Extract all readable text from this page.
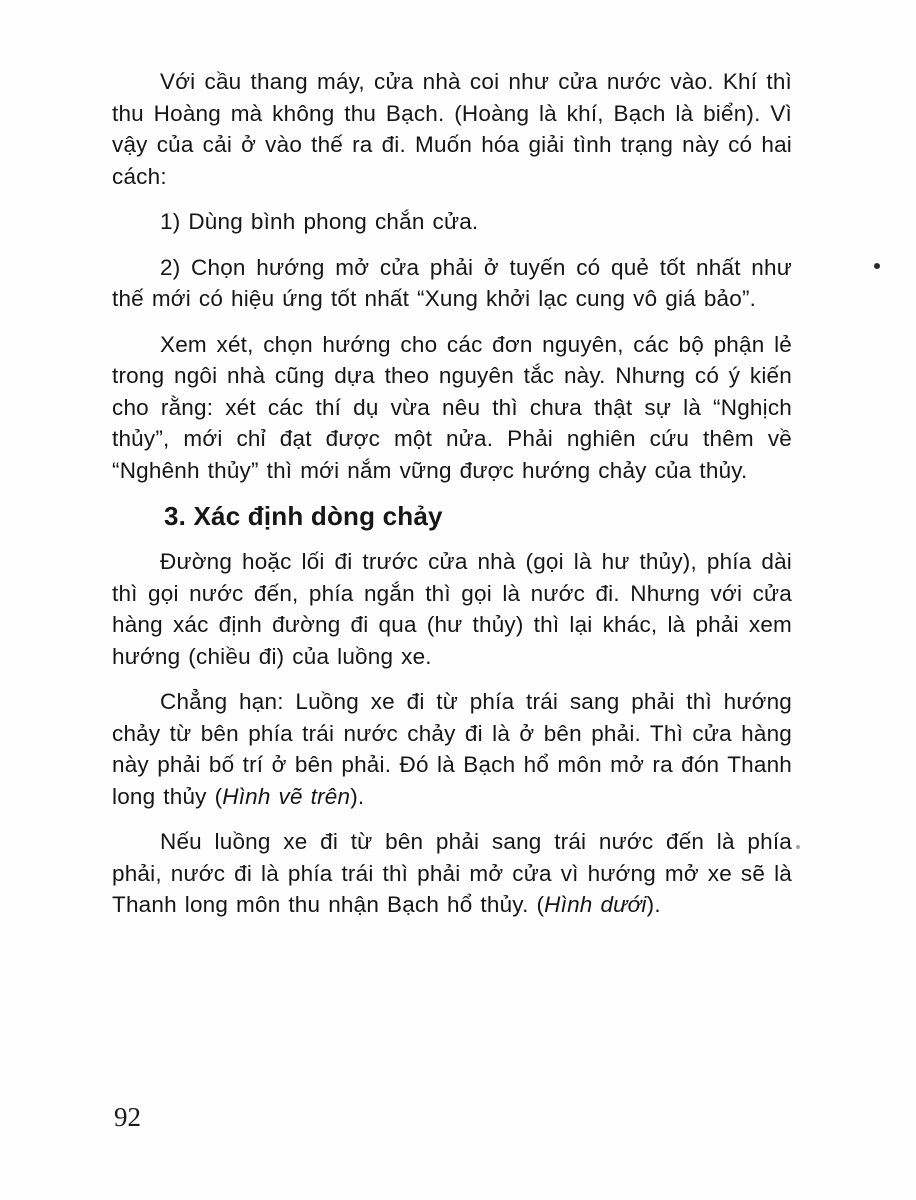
Với cầu thang máy, cửa nhà coi như cửa nước vào. Khí thì thu Hoàng mà không thu Bạch. (Hoàng là khí, Bạch là biển). Vì vậy của cải ở vào thế ra đi. Muốn hóa giải tình trạng này có hai cách:

1) Dùng bình phong chắn cửa.

2) Chọn hướng mở cửa phải ở tuyến có quẻ tốt nhất như thế mới có hiệu ứng tốt nhất “Xung khởi lạc cung vô giá bảo”.

Xem xét, chọn hướng cho các đơn nguyên, các bộ phận lẻ trong ngôi nhà cũng dựa theo nguyên tắc này. Nhưng có ý kiến cho rằng: xét các thí dụ vừa nêu thì chưa thật sự là “Nghịch thủy”, mới chỉ đạt được một nửa. Phải nghiên cứu thêm về “Nghênh thủy” thì mới nắm vững được hướng chảy của thủy.

3. Xác định dòng chảy

Đường hoặc lối đi trước cửa nhà (gọi là hư thủy), phía dài thì gọi nước đến, phía ngắn thì gọi là nước đi. Nhưng với cửa hàng xác định đường đi qua (hư thủy) thì lại khác, là phải xem hướng (chiều đi) của luồng xe.

Chẳng hạn: Luồng xe đi từ phía trái sang phải thì hướng chảy từ bên phía trái nước chảy đi là ở bên phải. Thì cửa hàng này phải bố trí ở bên phải. Đó là Bạch hổ môn mở ra đón Thanh long thủy (Hình vẽ trên).

Nếu luồng xe đi từ bên phải sang trái nước đến là phía phải, nước đi là phía trái thì phải mở cửa vì hướng mở xe sẽ là Thanh long môn thu nhận Bạch hổ thủy. (Hình dưới).

92
